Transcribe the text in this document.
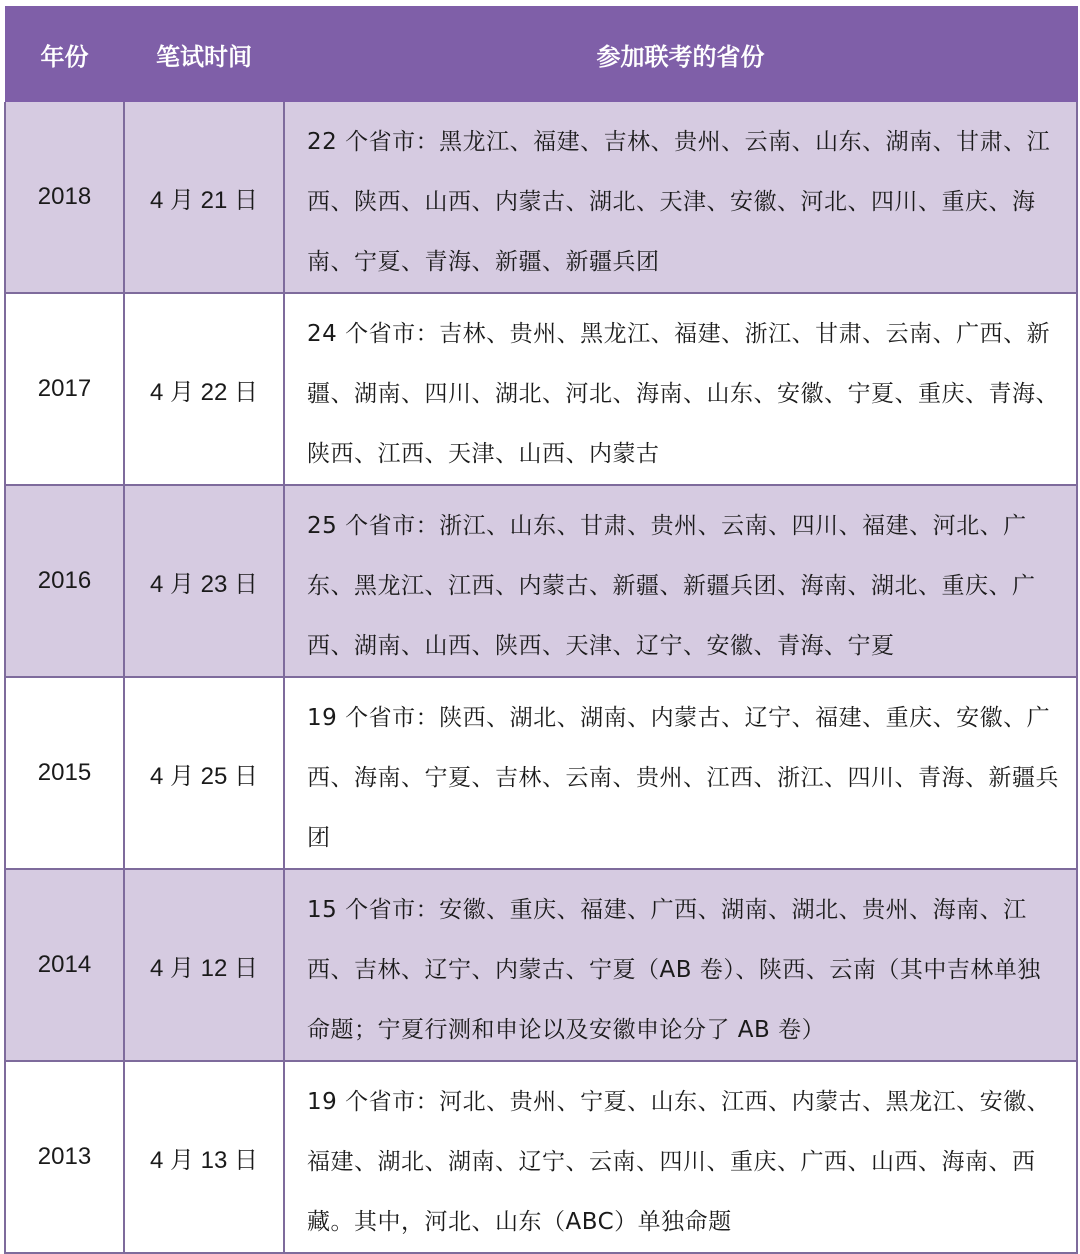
年份	笔试时间	参加联考的省份
2018	4 月 21 日	22 个省市：黑龙江、福建、吉林、贵州、云南、山东、湖南、甘肃、江西、陕西、山西、内蒙古、湖北、天津、安徽、河北、四川、重庆、海南、宁夏、青海、新疆、新疆兵团
2017	4 月 22 日	24 个省市：吉林、贵州、黑龙江、福建、浙江、甘肃、云南、广西、新疆、湖南、四川、湖北、河北、海南、山东、安徽、宁夏、重庆、青海、陕西、江西、天津、山西、内蒙古
2016	4 月 23 日	25 个省市：浙江、山东、甘肃、贵州、云南、四川、福建、河北、广东、黑龙江、江西、内蒙古、新疆、新疆兵团、海南、湖北、重庆、广西、湖南、山西、陕西、天津、辽宁、安徽、青海、宁夏
2015	4 月 25 日	19 个省市：陕西、湖北、湖南、内蒙古、辽宁、福建、重庆、安徽、广西、海南、宁夏、吉林、云南、贵州、江西、浙江、四川、青海、新疆兵团
2014	4 月 12 日	15 个省市：安徽、重庆、福建、广西、湖南、湖北、贵州、海南、江西、吉林、辽宁、内蒙古、宁夏（AB 卷）、陕西、云南（其中吉林单独命题；宁夏行测和申论以及安徽申论分了 AB 卷）
2013	4 月 13 日	19 个省市：河北、贵州、宁夏、山东、江西、内蒙古、黑龙江、安徽、福建、湖北、湖南、辽宁、云南、四川、重庆、广西、山西、海南、西藏。其中，河北、山东（ABC）单独命题
